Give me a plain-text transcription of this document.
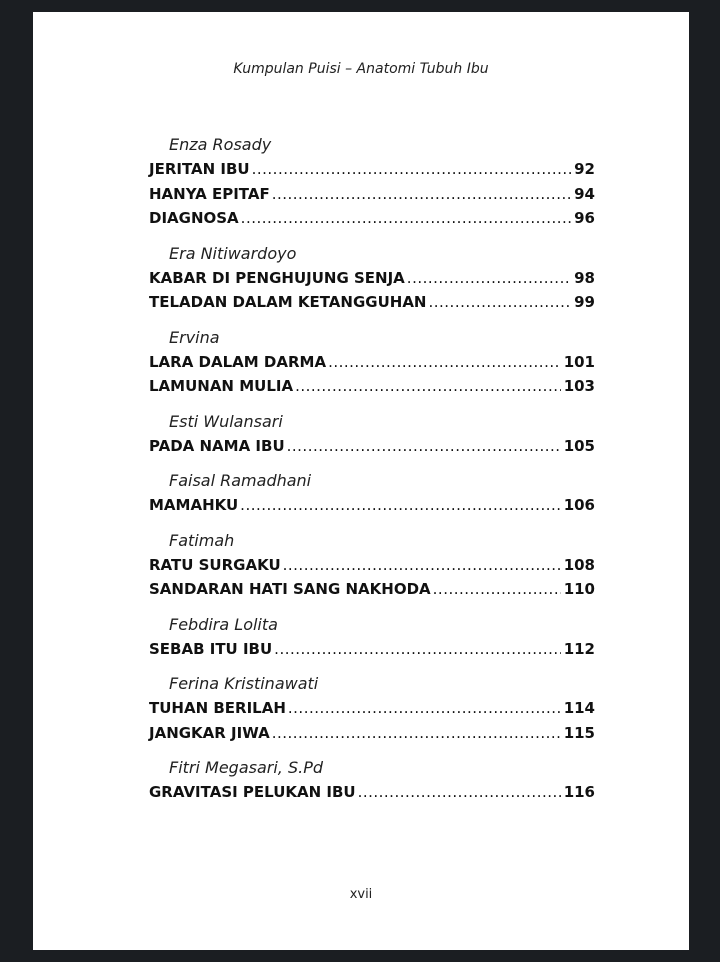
Kumpulan Puisi – Anatomi Tubuh Ibu
Enza Rosady
JERITAN IBU .....	92
HANYA EPITAF .....	94
DIAGNOSA .....	96
Era Nitiwardoyo
KABAR DI PENGHUJUNG SENJA .....	98
TELADAN DALAM KETANGGUHAN .....	99
Ervina
LARA DALAM DARMA .....	101
LAMUNAN MULIA .....	103
Esti Wulansari
PADA NAMA IBU .....	105
Faisal Ramadhani
MAMAHKU .....	106
Fatimah
RATU SURGAKU .....	108
SANDARAN HATI SANG NAKHODA .....	110
Febdira Lolita
SEBAB ITU IBU .....	112
Ferina Kristinawati
TUHAN BERILAH .....	114
JANGKAR JIWA .....	115
Fitri Megasari, S.Pd
GRAVITASI PELUKAN IBU .....	116
xvii
